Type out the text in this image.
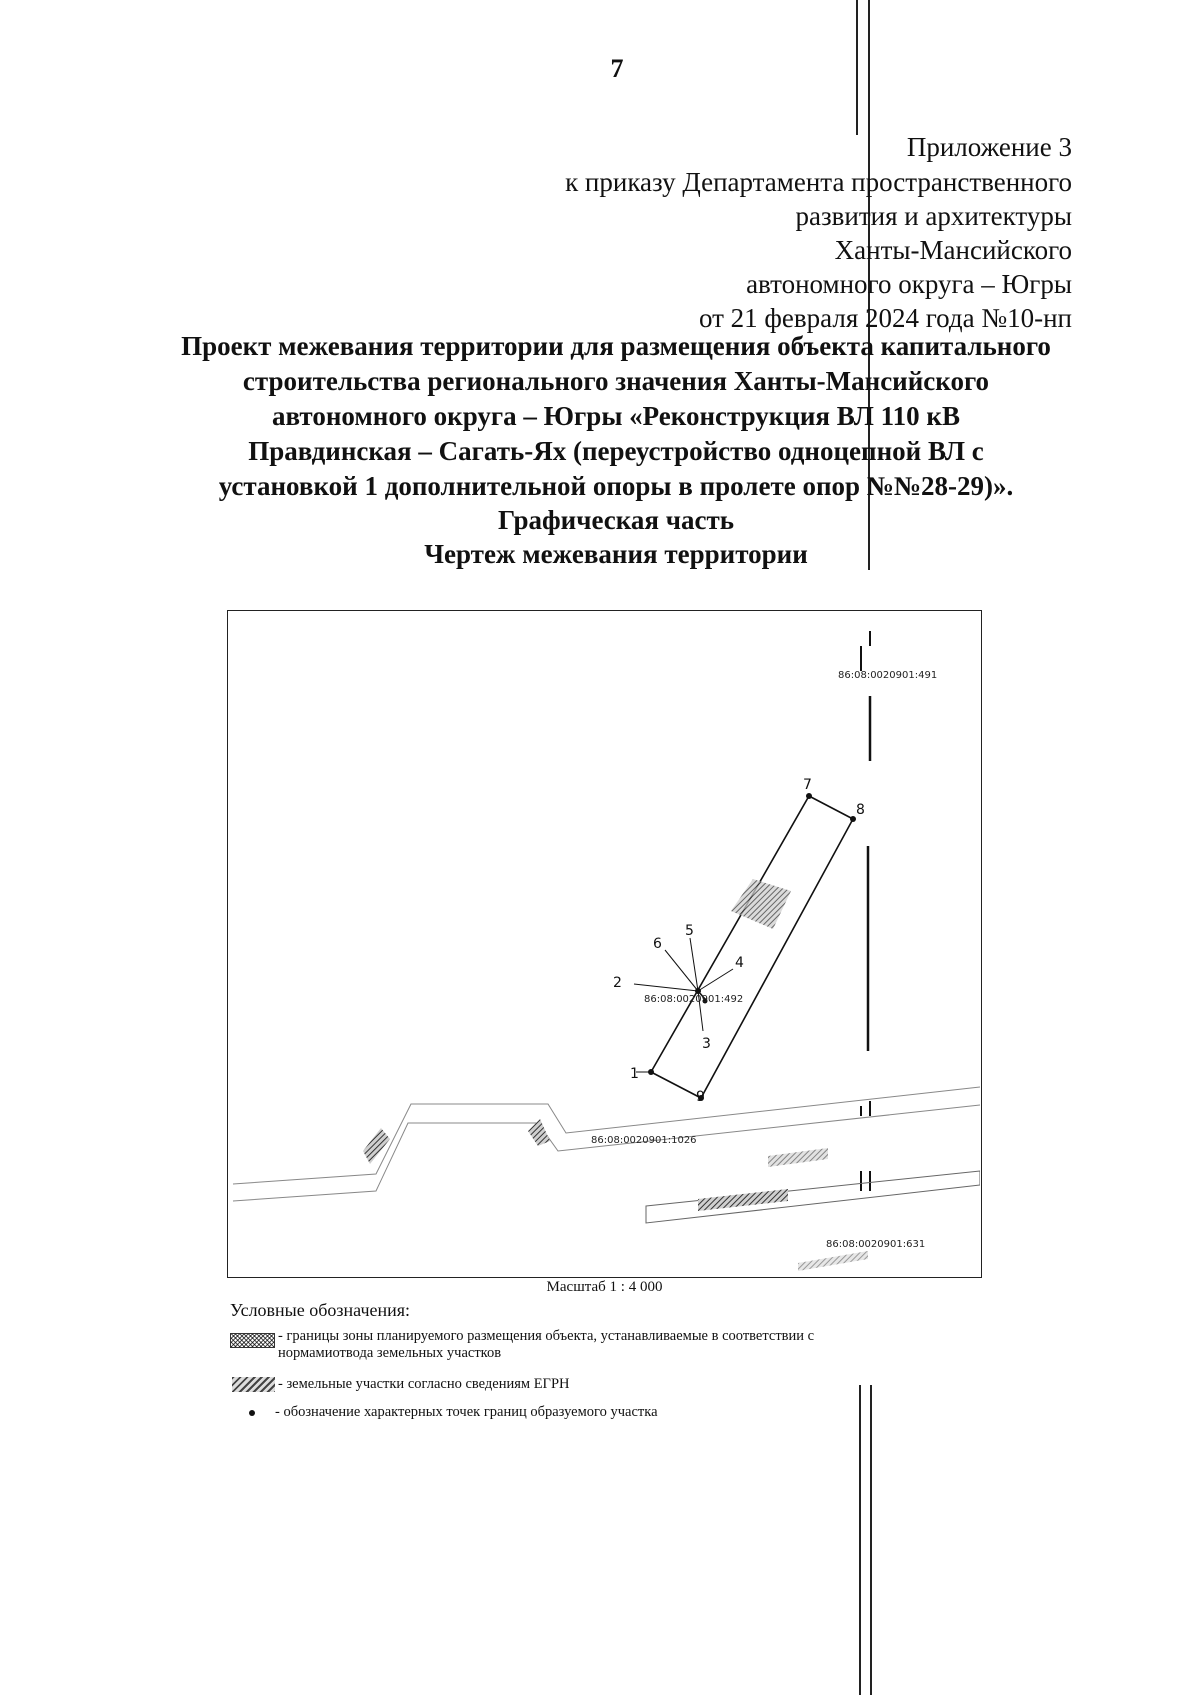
7
Приложение 3
к приказу Департамента пространственного
развития и архитектуры
Ханты-Мансийского
автономного округа – Югры
от 21 февраля 2024 года №10-нп
Проект межевания территории для размещения объекта капитального
строительства регионального значения Ханты-Мансийского
автономного округа – Югры «Реконструкция ВЛ 110 кВ
Правдинская – Сагать-Ях (переустройство одноцепной ВЛ с
установкой 1 дополнительной опоры в пролете опор №№28-29)».
Графическая часть
Чертеж межевания территории
1
2
3
4
5
6
7
8
9
86:08:0020901:491
86:08:0020901:492
86:08:0020901:1026
86:08:0020901:631
Масштаб 1 : 4 000
Условные обозначения:
- границы зоны планируемого размещения объекта, устанавливаемые в соответствии с
нормамиотвода земельных участков
- земельные участки согласно сведениям ЕГРН
- обозначение характерных точек границ образуемого участка
